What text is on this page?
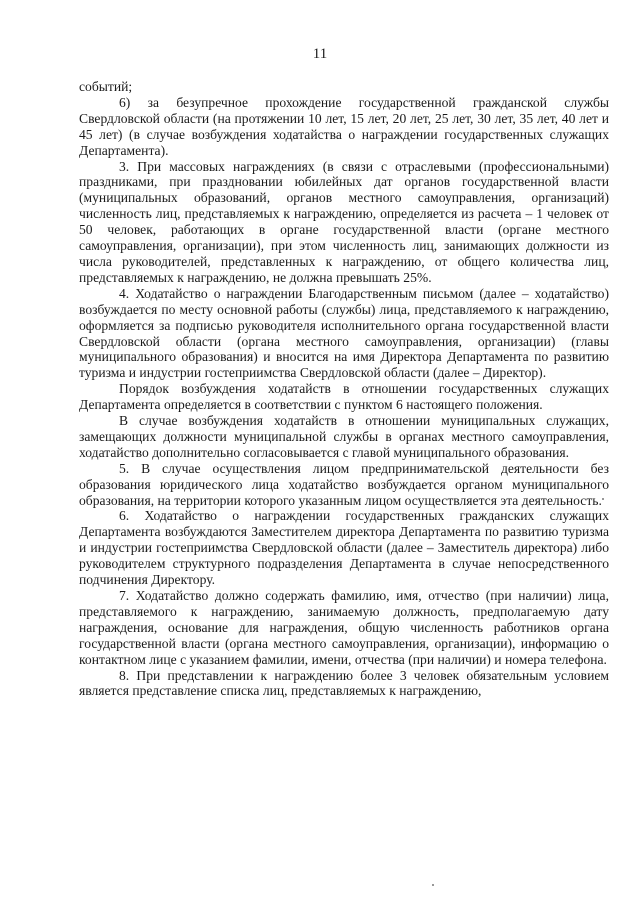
11

событий;

6) за безупречное прохождение государственной гражданской службы Свердловской области (на протяжении 10 лет, 15 лет, 20 лет, 25 лет, 30 лет, 35 лет, 40 лет и 45 лет) (в случае возбуждения ходатайства о награждении государственных служащих Департамента).

3. При массовых награждениях (в связи с отраслевыми (профессиональными) праздниками, при праздновании юбилейных дат органов государственной власти (муниципальных образований, органов местного самоуправления, организаций) численность лиц, представляемых к награждению, определяется из расчета – 1 человек от 50 человек, работающих в органе государственной власти (органе местного самоуправления, организации), при этом численность лиц, занимающих должности из числа руководителей, представленных к награждению, от общего количества лиц, представляемых к награждению, не должна превышать 25%.

4. Ходатайство о награждении Благодарственным письмом (далее – ходатайство) возбуждается по месту основной работы (службы) лица, представляемого к награждению, оформляется за подписью руководителя исполнительного органа государственной власти Свердловской области (органа местного самоуправления, организации) (главы муниципального образования) и вносится на имя Директора Департамента по развитию туризма и индустрии гостеприимства Свердловской области (далее – Директор).

Порядок возбуждения ходатайств в отношении государственных служащих Департамента определяется в соответствии с пунктом 6 настоящего положения.

В случае возбуждения ходатайств в отношении муниципальных служащих, замещающих должности муниципальной службы в органах местного самоуправления, ходатайство дополнительно согласовывается с главой муниципального образования.

5. В случае осуществления лицом предпринимательской деятельности без образования юридического лица ходатайство возбуждается органом муниципального образования, на территории которого указанным лицом осуществляется эта деятельность.

6. Ходатайство о награждении государственных гражданских служащих Департамента возбуждаются Заместителем директора Департамента по развитию туризма и индустрии гостеприимства Свердловской области (далее – Заместитель директора) либо руководителем структурного подразделения Департамента в случае непосредственного подчинения Директору.

7. Ходатайство должно содержать фамилию, имя, отчество (при наличии) лица, представляемого к награждению, занимаемую должность, предполагаемую дату награждения, основание для награждения, общую численность работников органа государственной власти (органа местного самоуправления, организации), информацию о контактном лице с указанием фамилии, имени, отчества (при наличии) и номера телефона.

8. При представлении к награждению более 3 человек обязательным условием является представление списка лиц, представляемых к награждению,
